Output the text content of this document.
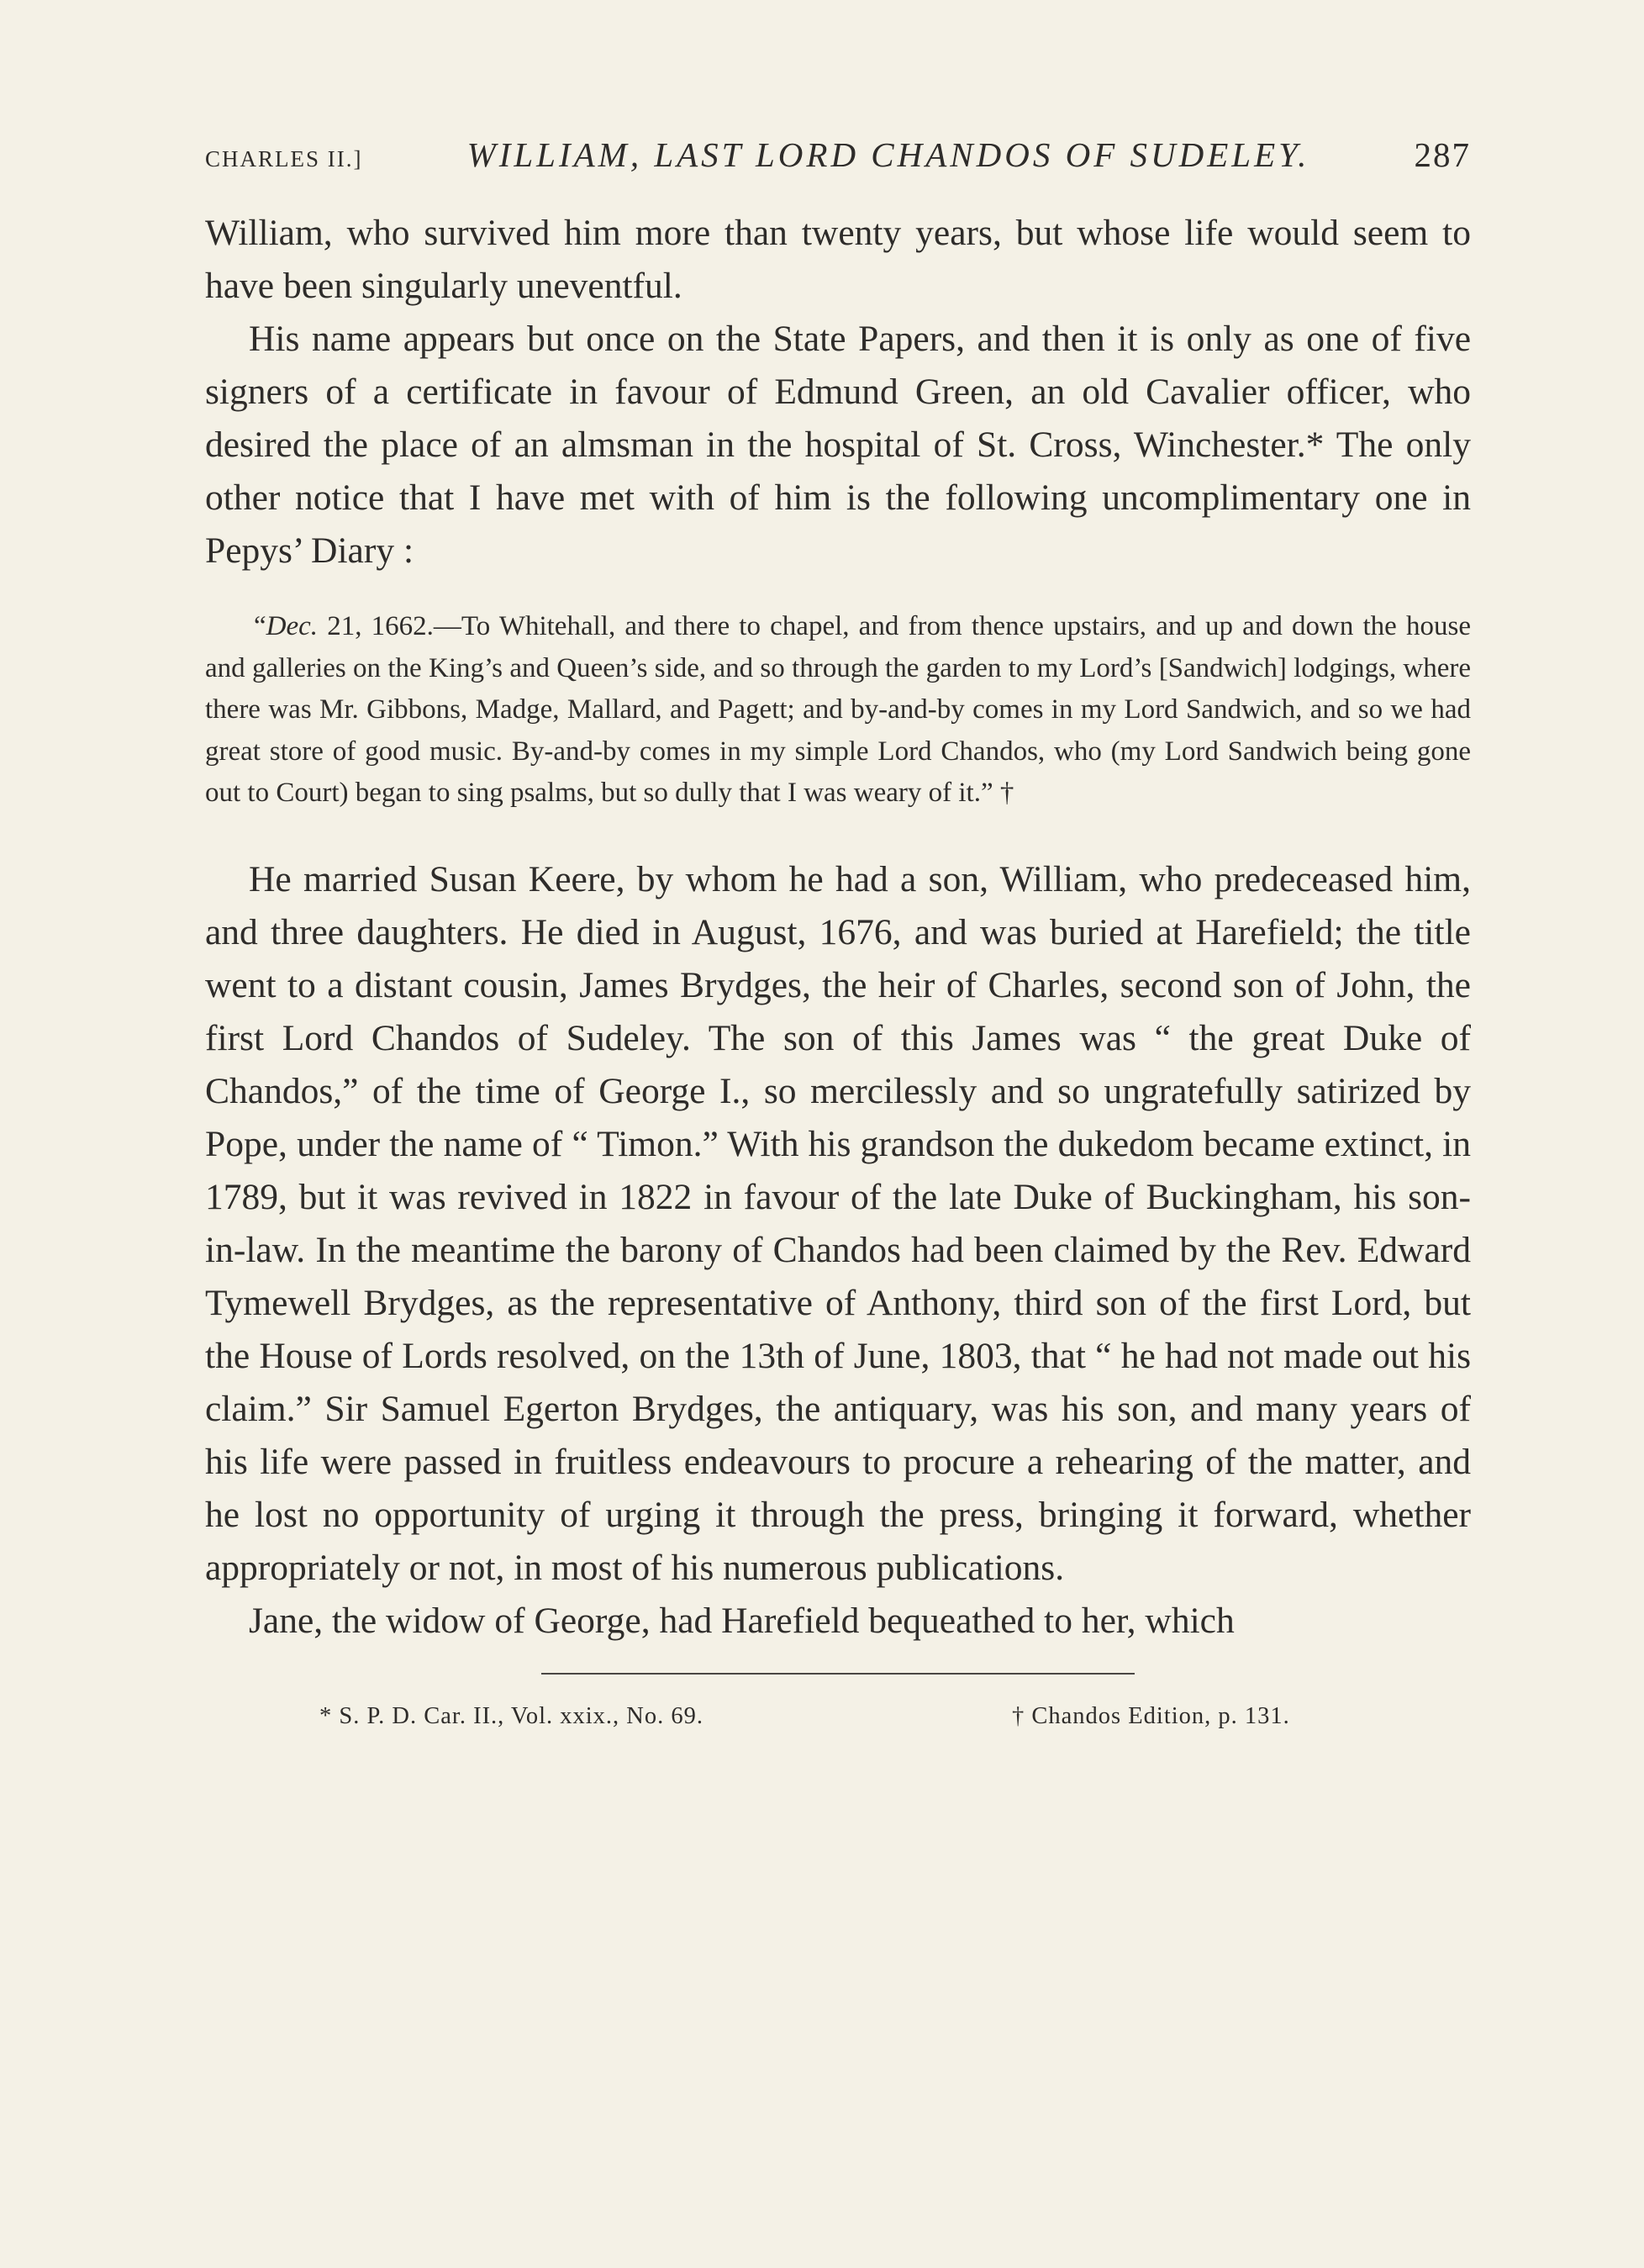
CHARLES II.]	WILLIAM, LAST LORD CHANDOS OF SUDELEY.	287

William, who survived him more than twenty years, but whose life would seem to have been singularly uneventful.

His name appears but once on the State Papers, and then it is only as one of five signers of a certificate in favour of Edmund Green, an old Cavalier officer, who desired the place of an almsman in the hospital of St. Cross, Winchester.* The only other notice that I have met with of him is the following uncomplimentary one in Pepys’ Diary :

“Dec. 21, 1662.—To Whitehall, and there to chapel, and from thence upstairs, and up and down the house and galleries on the King’s and Queen’s side, and so through the garden to my Lord’s [Sandwich] lodgings, where there was Mr. Gibbons, Madge, Mallard, and Pagett; and by-and-by comes in my Lord Sandwich, and so we had great store of good music. By-and-by comes in my simple Lord Chandos, who (my Lord Sandwich being gone out to Court) began to sing psalms, but so dully that I was weary of it.” †

He married Susan Keere, by whom he had a son, William, who predeceased him, and three daughters. He died in August, 1676, and was buried at Harefield; the title went to a distant cousin, James Brydges, the heir of Charles, second son of John, the first Lord Chandos of Sudeley. The son of this James was “ the great Duke of Chandos,” of the time of George I., so mercilessly and so ungratefully satirized by Pope, under the name of “ Timon.” With his grandson the dukedom became extinct, in 1789, but it was revived in 1822 in favour of the late Duke of Buckingham, his son-in-law. In the meantime the barony of Chandos had been claimed by the Rev. Edward Tymewell Brydges, as the representative of Anthony, third son of the first Lord, but the House of Lords resolved, on the 13th of June, 1803, that “ he had not made out his claim.” Sir Samuel Egerton Brydges, the antiquary, was his son, and many years of his life were passed in fruitless endeavours to procure a rehearing of the matter, and he lost no opportunity of urging it through the press, bringing it forward, whether appropriately or not, in most of his numerous publications.

Jane, the widow of George, had Harefield bequeathed to her, which

* S. P. D. Car. II., Vol. xxix., No. 69.	† Chandos Edition, p. 131.
